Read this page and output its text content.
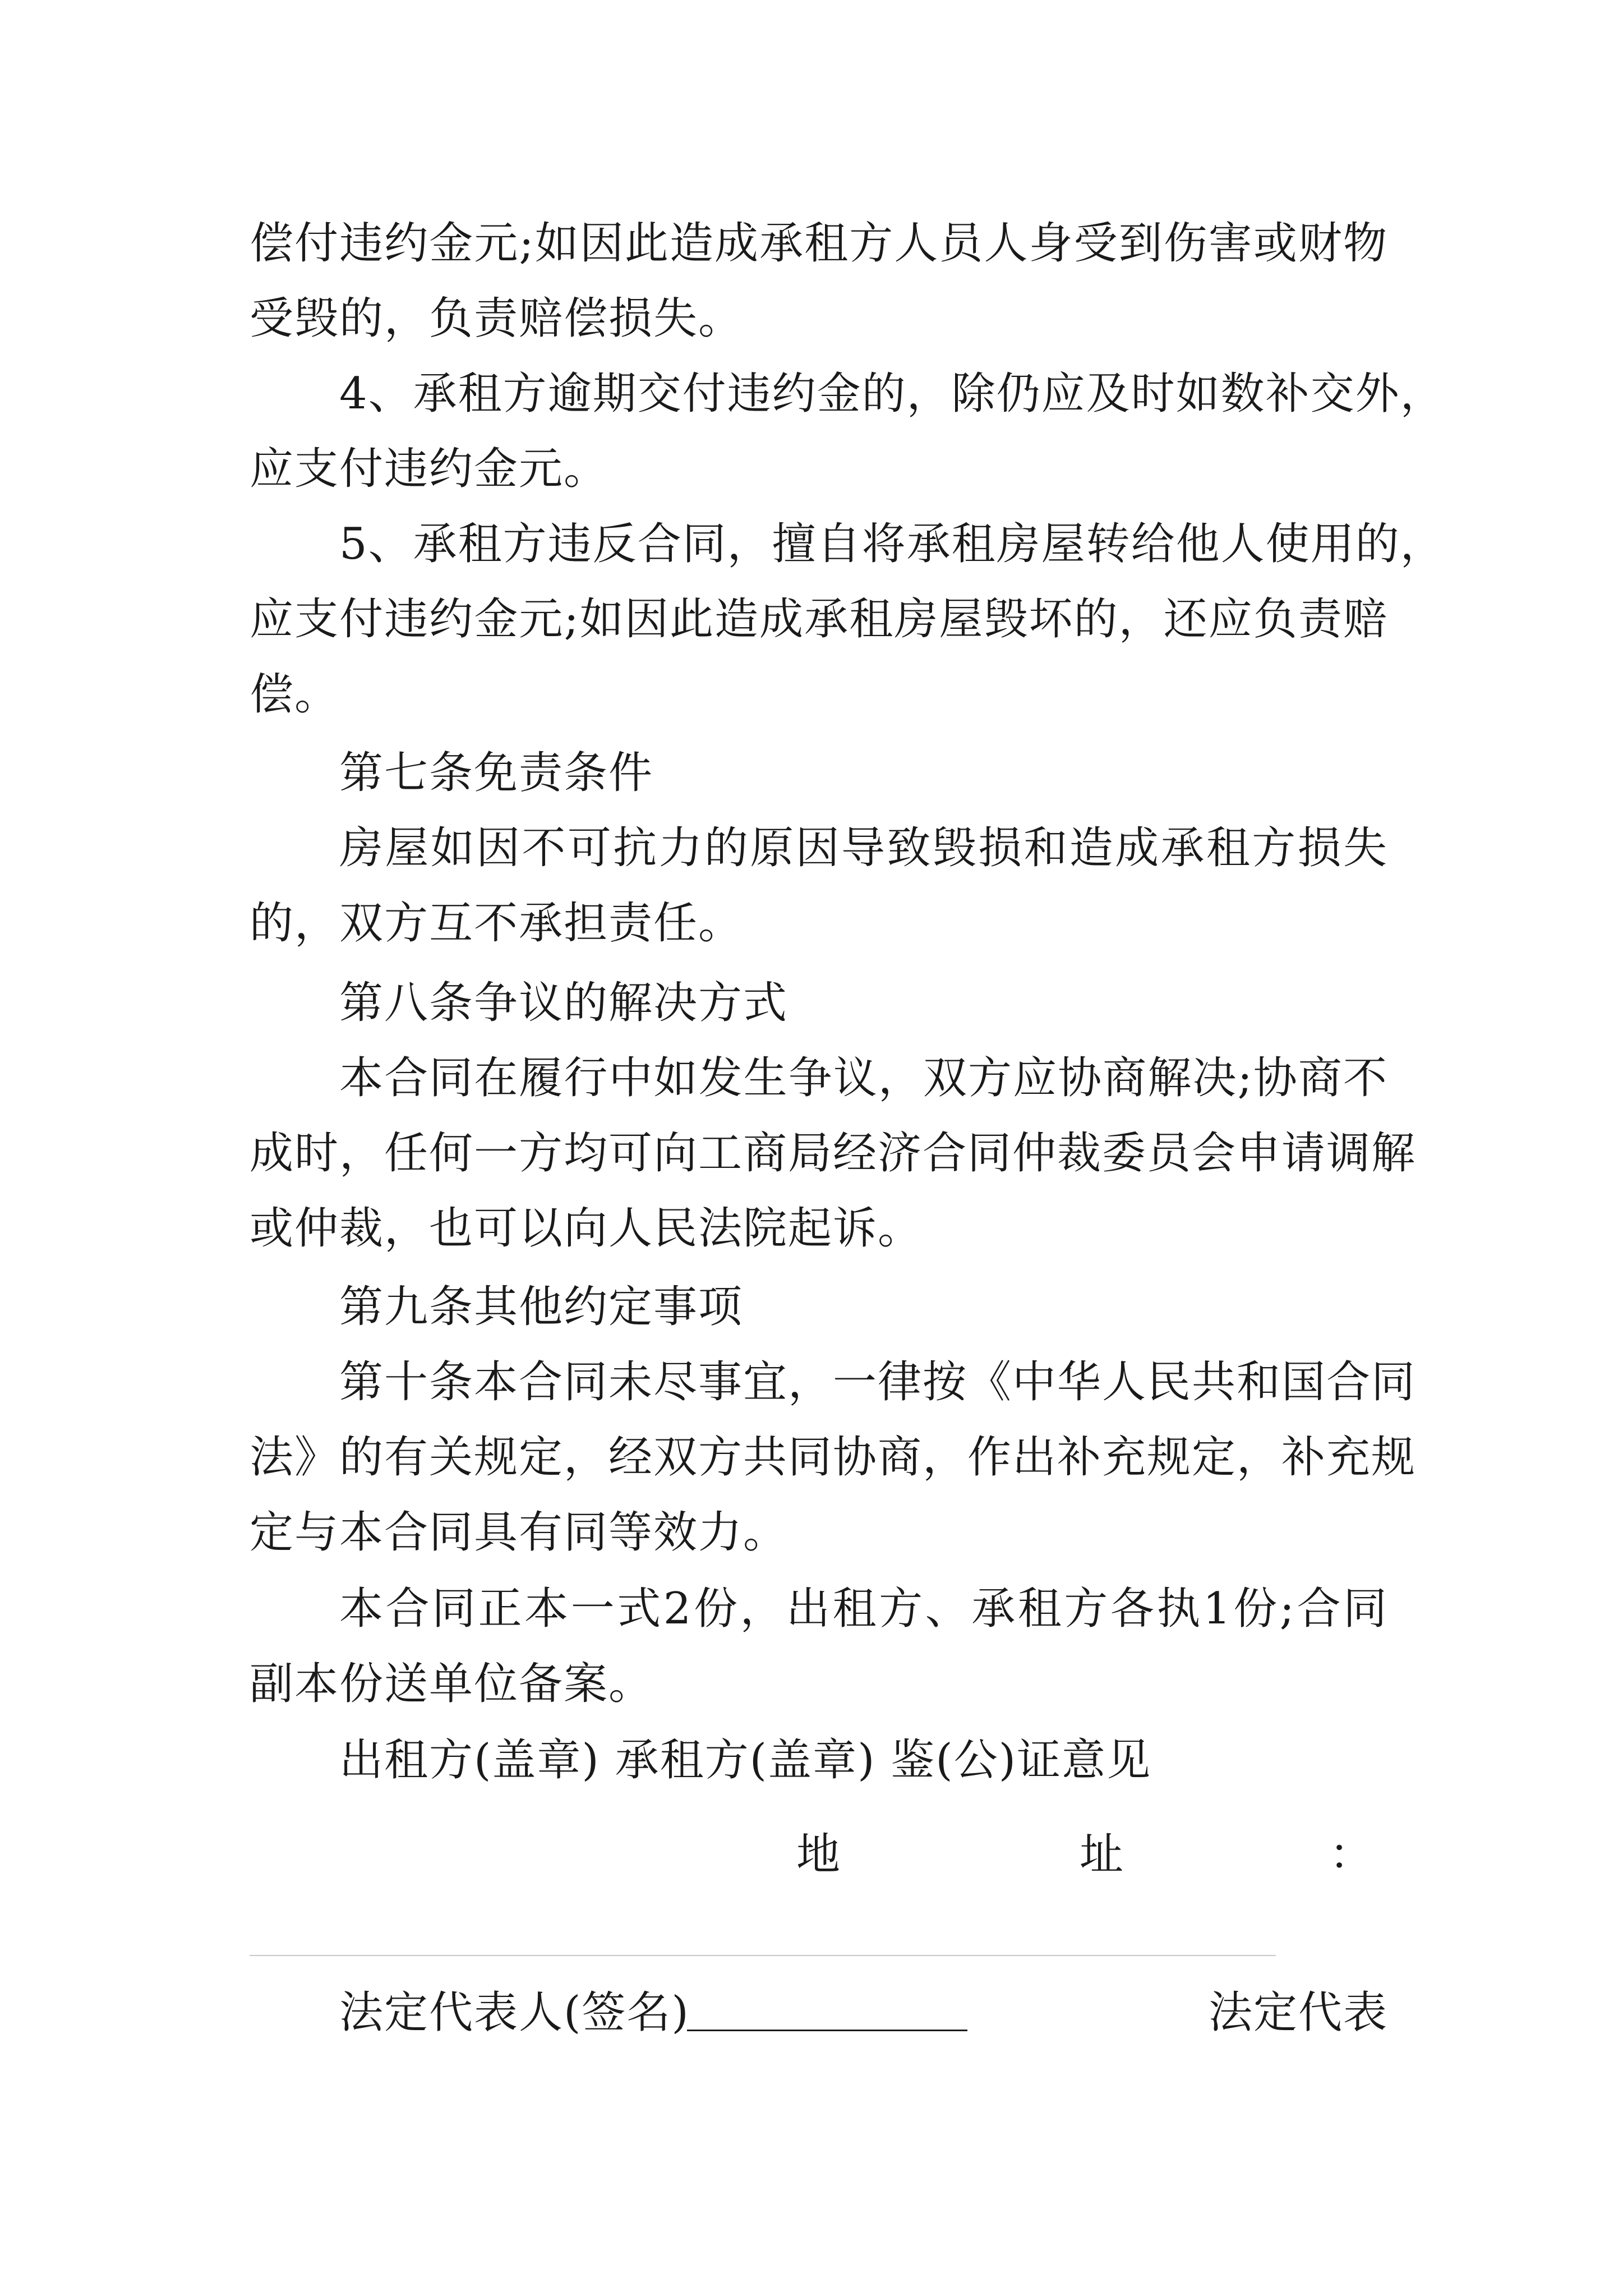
偿付违约金元;如因此造成承租方人员人身受到伤害或财物
受毁的，负责赔偿损失。
4、承租方逾期交付违约金的，除仍应及时如数补交外，
应支付违约金元。
5、承租方违反合同，擅自将承租房屋转给他人使用的，
应支付违约金元;如因此造成承租房屋毁坏的，还应负责赔
偿。
第七条免责条件
房屋如因不可抗力的原因导致毁损和造成承租方损失
的，双方互不承担责任。
第八条争议的解决方式
本合同在履行中如发生争议，双方应协商解决;协商不
成时，任何一方均可向工商局经济合同仲裁委员会申请调解
或仲裁，也可以向人民法院起诉。
第九条其他约定事项
第十条本合同未尽事宜，一律按《中华人民共和国合同
法》的有关规定，经双方共同协商，作出补充规定，补充规
定与本合同具有同等效力。
本合同正本一式2份，出租方、承租方各执1份;合同
副本份送单位备案。
出租方(盖章) 承租方(盖章) 鉴(公)证意见
地	址	：
法定代表人(签名)	法定代表
